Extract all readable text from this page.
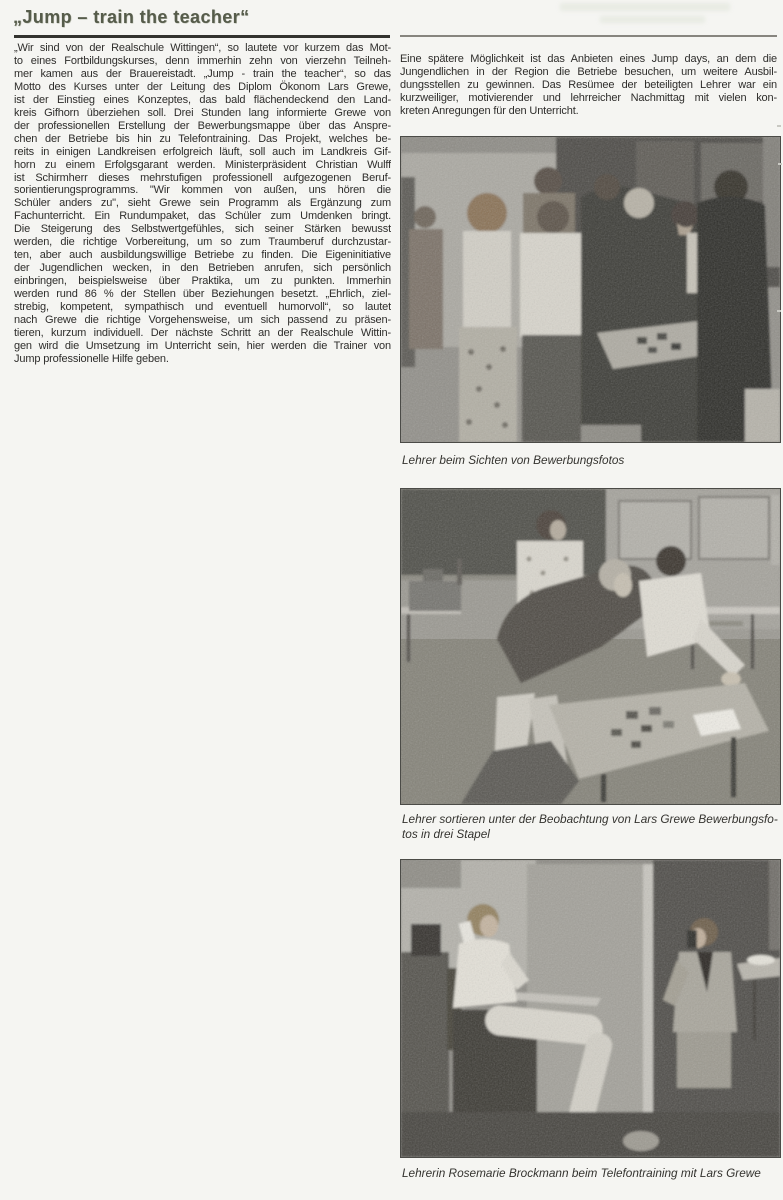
„Jump – train the teacher“
„Wir sind von der Realschule Wittingen“, so lautete vor kurzem das Mot-
to eines Fortbildungskurses, denn immerhin zehn von vierzehn Teilneh-
mer kamen aus der Brauereistadt. „Jump - train the teacher“, so das
Motto des Kurses unter der Leitung des Diplom Ökonom Lars Grewe,
ist der Einstieg eines Konzeptes, das bald flächendeckend den Land-
kreis Gifhorn überziehen soll. Drei Stunden lang informierte Grewe von
der professionellen Erstellung der Bewerbungsmappe über das Anspre-
chen der Betriebe bis hin zu Telefontraining. Das Projekt, welches be-
reits in einigen Landkreisen erfolgreich läuft, soll auch im Landkreis Gif-
horn zu einem Erfolgsgarant werden. Ministerpräsident Christian Wulff
ist Schirmherr dieses mehrstufigen professionell aufgezogenen Beruf-
sorientierungsprogramms. "Wir kommen von außen, uns hören die
Schüler anders zu", sieht Grewe sein Programm als Ergänzung zum
Fachunterricht. Ein Rundumpaket, das Schüler zum Umdenken bringt.
Die Steigerung des Selbstwertgefühles, sich seiner Stärken bewusst
werden, die richtige Vorbereitung, um so zum Traumberuf durchzustar-
ten, aber auch ausbildungswillige Betriebe zu finden. Die Eigeninitiative
der Jugendlichen wecken, in den Betrieben anrufen, sich persönlich
einbringen, beispielsweise über Praktika, um zu punkten. Immerhin
werden rund 86 % der Stellen über Beziehungen besetzt. „Ehrlich, ziel-
strebig, kompetent, sympathisch und eventuell humorvoll“, so lautet
nach Grewe die richtige Vorgehensweise, um sich passend zu präsen-
tieren, kurzum individuell. Der nächste Schritt an der Realschule Wittin-
gen wird die Umsetzung im Unterricht sein, hier werden die Trainer von
Jump professionelle Hilfe geben.
Eine spätere Möglichkeit ist das Anbieten eines Jump days, an dem die
Jungendlichen in der Region die Betriebe besuchen, um weitere Ausbil-
dungsstellen zu gewinnen. Das Resümee der beteiligten Lehrer war ein
kurzweiliger, motivierender und lehrreicher Nachmittag mit vielen kon-
kreten Anregungen für den Unterricht.
Lehrer beim Sichten von Bewerbungsfotos
Lehrer sortieren unter der Beobachtung von Lars Grewe Bewerbungsfo-
tos in drei Stapel
Lehrerin Rosemarie Brockmann beim Telefontraining mit Lars Grewe
